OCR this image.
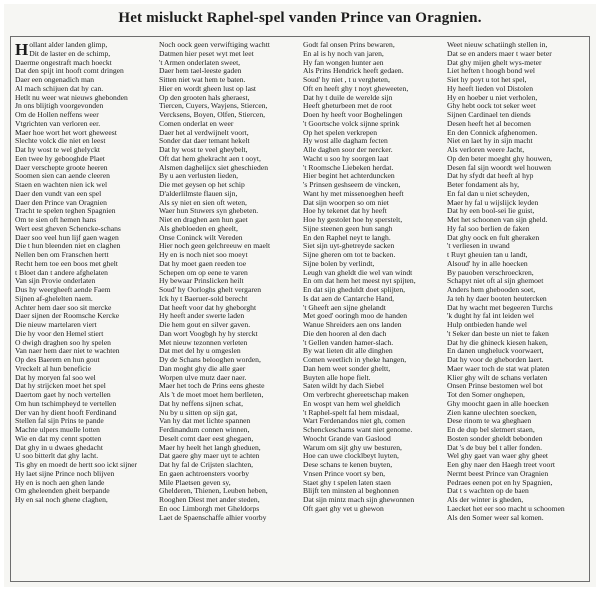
Het misluckt Raphel-spel vanden Prince van Oragnien.
H ollant alder landen glimp,
Dit de laster en de schimp,
Daerme ongestraft mach hoeckt
Dat den spijt int hooft comt dringen
Daer een ongenadich man
Al mach schijuen dat hy can.
Hetlt nu weer wat nieuws ghebonden
Jn ons blijtigh voorgevonden
Om de Hollen neffens weer
Vtgrichten van verloren eer.
Maer hoe wort het wort gheweest
Slechte volck die niet en leest
Dat hy wost te wel ghelyckt
Een twee hy gebooghde Plaet
Daer verschepte groote heeren
Soomen sien can aende cleeren
Staen en wachten nien ick wel
Daer den vundt van een spel
Daer den Prince van Oragnien
Tracht te spelen teghen Spagnien
Om te sien oft hemen hans
Wert eest gheven Schencke-schans
Daer soo veel hun lijf gaen wagen
Die t hun bleenden niet en claghen
Nellen ben om Franschen hertt
Recht hem toe een boos met ghelt
t Bloet dan t andere afghelaten
Van sijn Provie onderlaten
Dus hy weergheeft aende Faem
Sijnen af-ghelelten naem.
Achter hem daer soo sit mercke
Daer sijnen der Roomsche Kercke
Die nieuw martelaren viert
Die hy voor den Hemel stiert
O dwigh draghen soo hy spelen
Van naer hem daer niet te wachten
Op des Baerem en hun gout
Vreckelt al hun beneficie
Dat hy moryen fal soo wel
Dat hy strijcken moet het spel
Daertom gaet hy noch vertellen
Om hun tschimpheyd te vertellen
Der van hy dient hooft Ferdinand
Stellen fal sijn Prins te pande
Machte ulpers muelle lotten
Wie en dat my cennt spotten
Dat ghy in u dwaes ghedacht
U soo bitterlt dat ghy lacht.
Tis ghy en moedt de hertt soo ickt sijner
Hy laet sijne Prince noch blijven
Hy en is noch aen ghen lande
Om gheleenden gheit berpande
Hy en sal noch ghene claghen,
Noch oock geen verwiftiging wachtt
Datmen hier peset wyt met leet
't Armen onderlaten sweet,
Daer hem tael-leeste gaden
Sitten niet wat hem te baten.
Hier en wordt gheen lust op last
Op den grooten hals gheraest,
Tiercen, Cuyers, Wayjens, Stiercen,
Vercksens, Boyen, Olfen, Stiercen,
Comen onderlat en weer
Daer het al verdwijnelt voort,
Sonder dat daer temant hekelt
Dat hy wost te veel gheybelt,
Oft dat hem ghekracht aen t ooyt,
Alsmen daghelijcx siet gheschieden
By u aen verlusten lieden,
Die met geysen op het schip
D'alderlilmste flauen sijn,
Als sy niet en sien oft weten,
Waer hun Stuwers syn ghebeten.
Niet en draghen aen hun gaet
Als ghebloeden en gheelt,
Onse Coninck wilt Vereden
Hier noch geen gelchreeuw en maelt
Hy en is noch niet soo moeyt
Dat hy moet gaen reeden toe
Schepen om op eene te varen
Hy bewaar Prinslicken heilt
Soud' hy Oorloghs ghelt vergaren
Ick hy t Baeruer-sold berecht
Dat heeft voor dat hy gheborght
Hy heeft ander swerte laden
Die hem gout en silver gaven.
Dan wort Voogbgh hy hy sterckt
Met nieuw tezonnen verleten
Dat met del hy u omgeslen
Dy de Schans belooghen worden,
Dan moght ghy die alle gaer
Worpen ulve mutz daer naer.
Maer het toch de Prins eens gheste
Als 't de moet moet hem berlleten,
Dat hy neffens sijnen schat,
Nu by u sitten op sijn gat,
Van hy dat met lichte spannen
Ferdinandum connen winnen,
Deselt comt daer eest ghegaen,
Maer hy heelt het langh gheduen,
Dat gaere ghy maer uyt te achten
Dat hy fal de Crijsten slachten,
En gaen achtroensters voorby
Mile Plaetsen geven sy,
Ghelderen, Thienen, Leuben heben,
Rooghen Diest met ander steden,
En ooc Limborgh met Gheldorps
Laet de Spaenschaffe alhier voorby
Godt fal onsen Prins bewaren,
En al is hy noch van jaren,
Hy fan wongen hunter aen
Als Prins Hendrick heeft gedaen.
Soud' hy niet , t u vergheten,
Oft en heeft ghy t noyt gheweeten,
Dat hy t duile de werelde sijn
Heeft gheturbeen met de root
Doen hy heeft voor Boghelingen
't Goortsche volck sijnne sprink
Op het spelen verkrepen
Hy wost alle dagham fecten
Alle daghen soor der nercker.
Wacht u soo hy soorgen laat
't Roomsche Liebeken herdat.
Hier begint het achterduncken
's Prinsen geshseem de vincken,
Want hy met missenoeghen heeft
Dat sijn woorpen so om niet
Hoe hy tekenet dat hy heeft
Hoe hy gestolet hoe hy sperstelt,
Sijne steenen geen hun sangh
En den Raphel neyt te langh.
Siet sijn uyt-ghetreyde sacken
Sijne gheren om tot te backen.
Sijne bolen by verlindt,
Leugh van gheldt die wel van windt
En om dat hem het meest nyt spijten,
En dat sijn gheduldt doet splijten,
Is dat aen de Cantarche Hand,
't Gheeft aen sijne ghelandt
Met goed' ooringh moo de handen
Wanue Shreiders aen ons landen
Die den hooren al den dach
't Gellen vanden hamer-slach.
By wat lieten dit alle dinghen
Comen weetlich in yheke hangen,
Dan hem weet sonder gheltt,
Buyten alle hope fielt.
Saten wildt hy dach Siebel
Om verbrecht ghereetschap maken
En wospt van hem wel gheldich
't Raphel-spelt fal hem misdaal,
Wart Ferdenandos niet gh, comen
Schenckeschams want niet genome.
Woocht Grande van Gaslood
Warum om sijt ghy uw besturen,
Hoe can uwe clocklbeyt luyten,
Dese schans te kenen buyten,
Vnsen Prince voort sy ben,
Staet ghy t spelen laten staen
Blijft ten minsten al beghonnen
Dat sijn mintz mach sijn ghewonnen
Oft gaet ghy vet u ghewon
Weet nieuw schatiingh stellen in,
Dat se en anders maer t waer beter
Dat ghy mijen ghelt wys-meter
Liet heften t hoogh bond wel
Siet hy poyt u tot het spel,
Hy heeft lieden vol Distolen
Hy en hoeber u niet verholen,
Ghy hebt oock tot seker weet
Sijnen Cardinael ten diends
Desen heeft het al becomen
En den Connick afghenomen.
Niet en laet hy in sijn macht
Als verloren weere Jacht,
Op den beter moeght ghy houwen,
Desen fal sijn woordt wel houwen
Dat hy sfydt dat heeft al hyp
Beter fondament als hy,
En fal dan u niet scheyden,
Maer hy fal u wijslijck leyden
Dat hy een bool-sei lie guist,
Met het schoonen van sijn gheld.
Hy fal soo berlien de faken
Dat ghy oock en fult gheraken
't verliesen in uwand
t Ruyt gheuien tan u landt,
Alsoud' hy in alle hoecken
By pauoben verschroeckren,
Schapyt niet oft al sijn ghemoet
Anders hem ghebooden soet,
Ja teh hy daer booten heutercken
Dat hy wacht met begeeren Turchs
'k dught hy fal int leiden wel
Hulp ontbieden hande wel
't Seker dan beste un niet te faken
Dat hy die ghineck kiesen haken,
En danen ungheluck voorwaert,
Dat hy voor de gheborden laert.
Maer waer toch de stat wat platen
Klier ghy wilt de schans verlaten
Onsen Prinse bestomen wel bot
Tot den Somer onghepen,
Ghy moocht gaen in alle hoecken
Zien kanne ulechten soecken,
Dese rinom te wa gheghaen
En de dup bel sletmert staen,
Bosten sonder gheldt bebonden
Dat 's de buy bel t aller fonden.
Wel ghy gaet van waer ghy gheet
Een ghy naer den Haegh treet voort
Nermt beest Prince van Oragnien
Pedraes eenen pot en hy Spagnien,
Dat t s wachten op de baen
Als der winter is gheden,
Laecket het eer soo macht u schoomen
Als den Somer weer sal komen.
